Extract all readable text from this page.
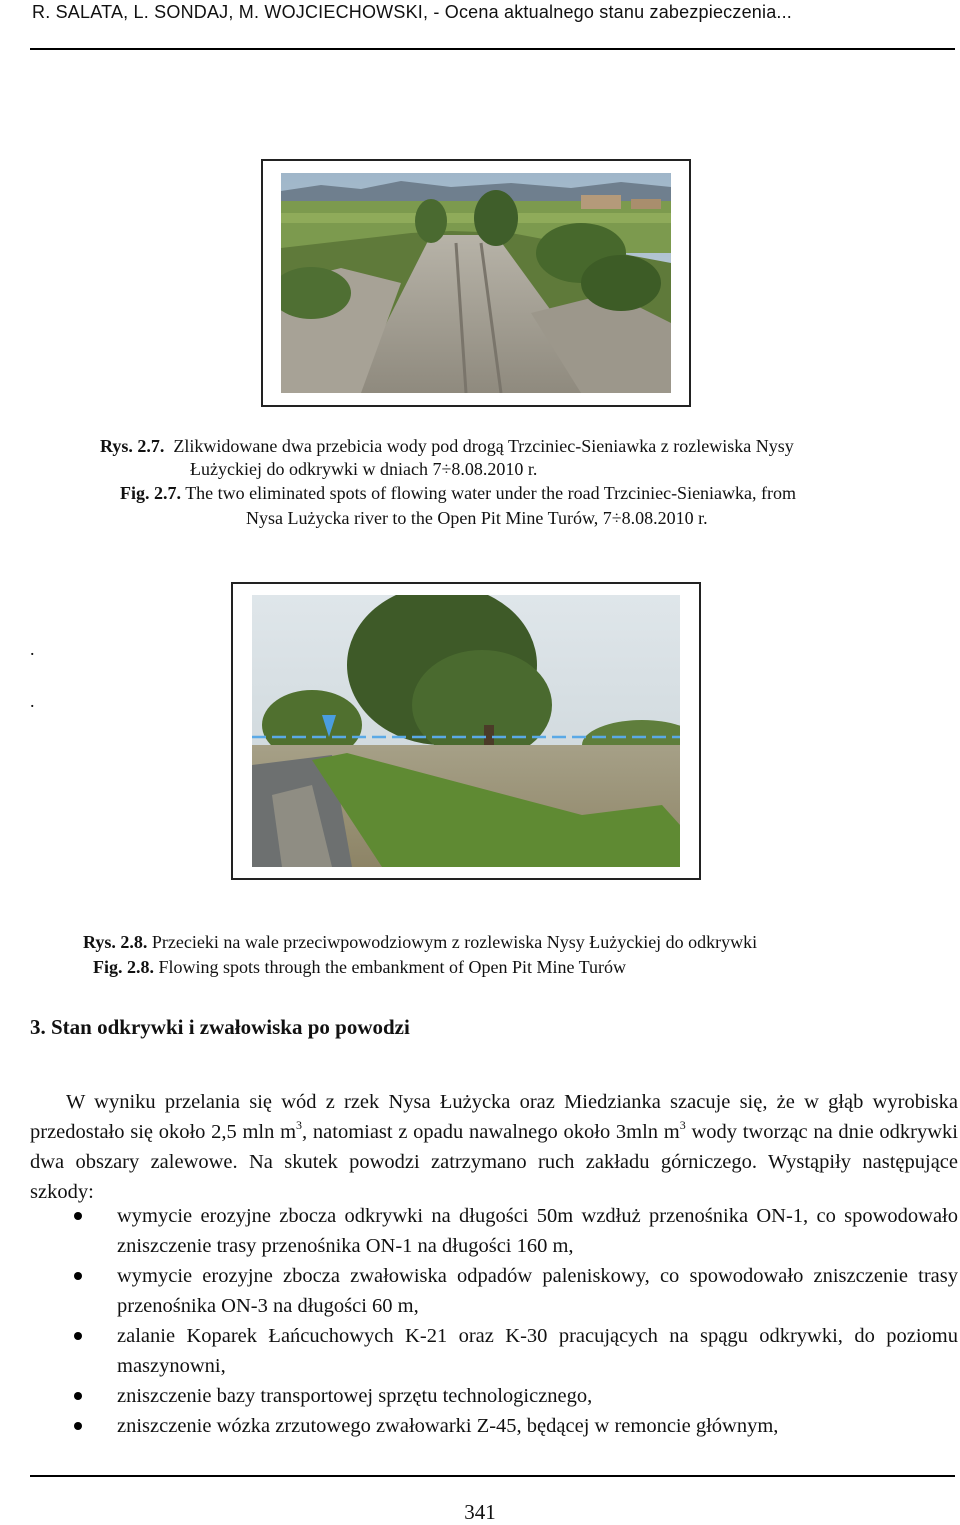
R. SALATA, L. SONDAJ, M. WOJCIECHOWSKI, - Ocena aktualnego stanu zabezpieczenia...
Rys. 2.7. Zlikwidowane dwa przebicia wody pod drogą Trzciniec-Sieniawka z rozlewiska Nysy
Łużyckiej do odkrywki w dniach 7÷8.08.2010 r.
Fig. 2.7. The two eliminated spots of flowing water under the road Trzciniec-Sieniawka, from
Nysa Lużycka river to the Open Pit Mine Turów, 7÷8.08.2010 r.
.
.
Rys. 2.8. Przecieki na wale przeciwpowodziowym z rozlewiska Nysy Łużyckiej do odkrywki
Fig. 2.8. Flowing spots through the embankment of Open Pit Mine Turów
3. Stan odkrywki i zwałowiska po powodzi

W wyniku przelania się wód z rzek Nysa Łużycka oraz Miedzianka szacuje się, że w głąb wyrobiska przedostało się około 2,5 mln $m^3$, natomiast z opadu nawalnego około 3mln $m^3$ wody tworząc na dnie odkrywki dwa obszary zalewowe. Na skutek powodzi zatrzymano ruch zakładu górniczego. Wystąpiły następujące szkody:

wymycie erozyjne zbocza odkrywki na długości 50m wzdłuż przenośnika ON-1, co spowodowało zniszczenie trasy przenośnika ON-1 na długości 160 m,
wymycie erozyjne zbocza zwałowiska odpadów paleniskowy, co spowodowało zniszczenie trasy przenośnika ON-3 na długości 60 m,
zalanie Koparek Łańcuchowych K-21 oraz K-30 pracujących na spągu odkrywki, do poziomu maszynowni,
zniszczenie bazy transportowej sprzętu technologicznego,
zniszczenie wózka zrzutowego zwałowarki Z-45, będącej w remoncie głównym,
341
